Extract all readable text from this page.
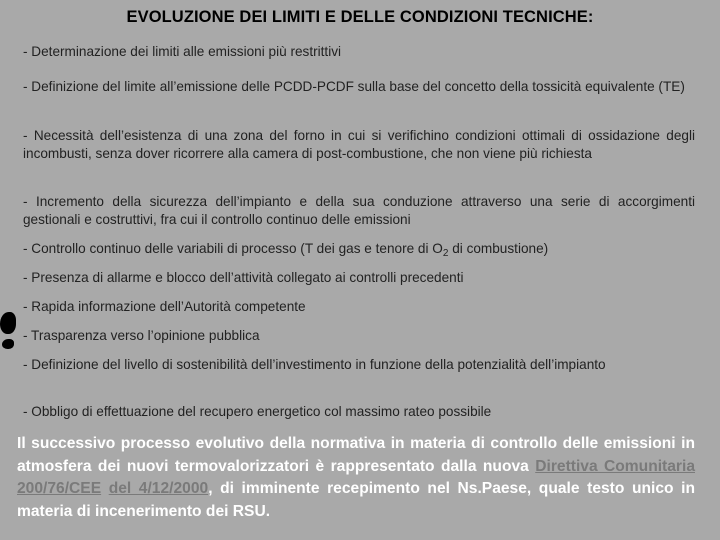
EVOLUZIONE DEI LIMITI E DELLE CONDIZIONI TECNICHE:
- Determinazione dei limiti alle emissioni più restrittivi
- Definizione del limite all’emissione delle PCDD-PCDF sulla base del concetto della tossicità equivalente (TE)
- Necessità dell’esistenza di una zona del forno in cui si verifichino condizioni ottimali di ossidazione degli incombusti, senza dover ricorrere alla camera di post-combustione, che non viene più richiesta
- Incremento della sicurezza dell’impianto e della sua conduzione attraverso una serie di accorgimenti gestionali e costruttivi, fra cui il controllo continuo delle emissioni
- Controllo continuo delle variabili di processo (T dei gas e tenore di $O_2$ di combustione)
- Presenza di allarme e blocco dell’attività collegato ai controlli precedenti
- Rapida informazione dell’Autorità competente
- Trasparenza verso l’opinione pubblica
- Definizione del livello di sostenibilità dell’investimento in funzione della potenzialità dell’impianto
- Obbligo di effettuazione del recupero energetico col massimo rateo possibile
Il successivo processo evolutivo della normativa in materia di controllo delle emissioni in atmosfera dei nuovi termovalorizzatori è rappresentato dalla nuova Direttiva Comunitaria 200/76/CEE del 4/12/2000, di imminente recepimento nel Ns.Paese, quale testo unico in materia di incenerimento dei RSU.
